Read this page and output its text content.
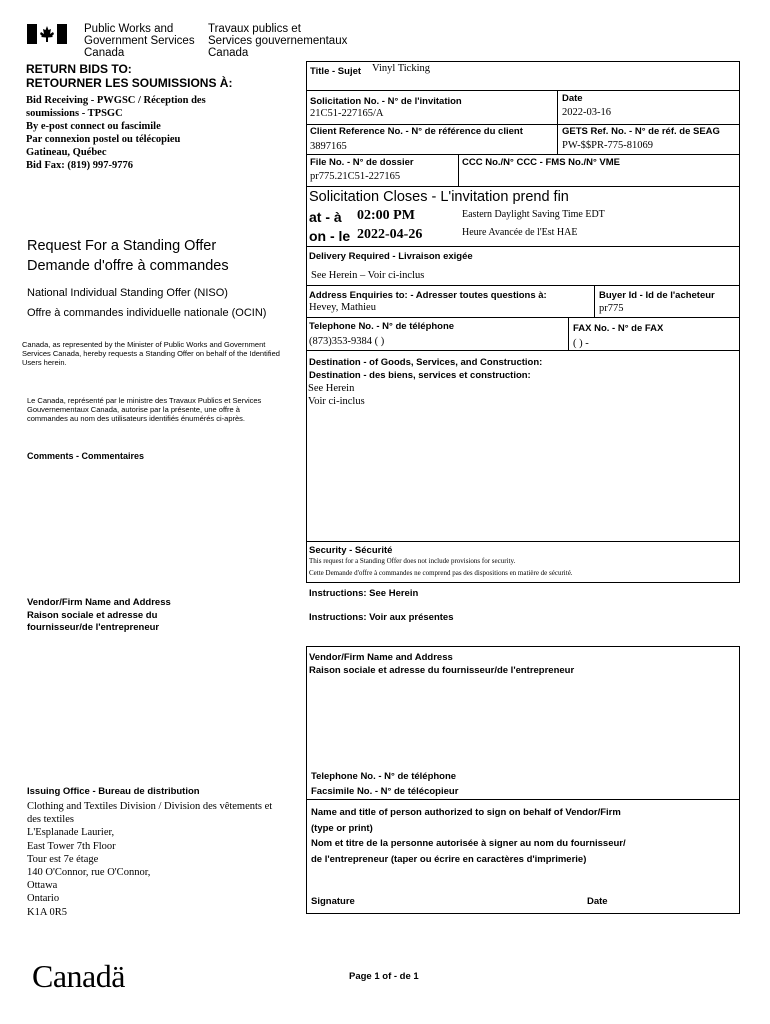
Public Works and
Government Services
Canada
Travaux publics et
Services gouvernementaux
Canada
RETURN BIDS TO:
RETOURNER LES SOUMISSIONS À:
Bid Receiving - PWGSC / Réception des
soumissions - TPSGC
By e-post connect ou fascimile
Par connexion postel ou télécopieu
Gatineau, Québec
Bid Fax: (819) 997-9776
Request For a Standing Offer
Demande d'offre à commandes
National Individual Standing Offer (NISO)
Offre à commandes individuelle nationale (OCIN)
Canada, as represented by the Minister of Public Works and Government Services Canada, hereby requests a Standing Offer on behalf of the Identified Users herein.
Le Canada, représenté par le ministre des Travaux Publics et Services Gouvernementaux Canada, autorise par la présente, une offre à commandes au nom des utilisateurs identifiés énumérés ci-après.
Comments - Commentaires
Vendor/Firm Name and Address
Raison sociale et adresse du
fournisseur/de l'entrepreneur
Issuing Office - Bureau de distribution
Clothing and Textiles Division / Division des vêtements et
des textiles
L'Esplanade Laurier,
East Tower 7th Floor
Tour est 7e étage
140 O'Connor, rue O'Connor,
Ottawa
Ontario
K1A 0R5
Title - Sujet Vinyl Ticking
Solicitation No. - N° de l'invitation
21C51-227165/A
Date
2022-03-16
Client Reference No. - N° de référence du client
3897165
GETS Ref. No. - N° de réf. de SEAG
PW-$$PR-775-81069
File No. - N° de dossier
pr775.21C51-227165
CCC No./N° CCC - FMS No./N° VME
Solicitation Closes - L'invitation prend fin
at - à 02:00 PM	Eastern Daylight Saving Time EDT
on - le 2022-04-26	Heure Avancée de l'Est HAE
Delivery Required - Livraison exigée
See Herein – Voir ci-inclus
Address Enquiries to: - Adresser toutes questions à:
Hevey, Mathieu
Buyer Id - Id de l'acheteur
pr775
Telephone No. - N° de téléphone
(873)353-9384 ( )
FAX No. - N° de FAX
( ) -
Destination - of Goods, Services, and Construction:
Destination - des biens, services et construction:
See Herein
Voir ci-inclus
Security - Sécurité
This request for a Standing Offer does not include provisions for security.
Cette Demande d'offre à commandes ne comprend pas des dispositions en matière de sécurité.
Instructions: See Herein
Instructions: Voir aux présentes
Vendor/Firm Name and Address
Raison sociale et adresse du fournisseur/de l'entrepreneur
Telephone No. - N° de téléphone
Facsimile No. - N° de télécopieur
Name and title of person authorized to sign on behalf of Vendor/Firm
(type or print)
Nom et titre de la personne autorisée à signer au nom du fournisseur/
de l'entrepreneur (taper ou écrire en caractères d'imprimerie)
Signature	Date
Canadä	Page 1 of - de 1
